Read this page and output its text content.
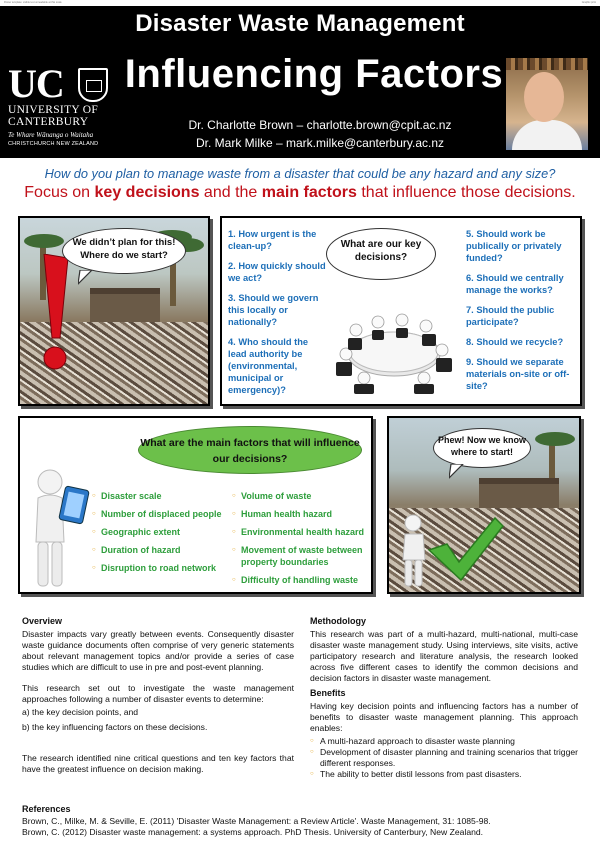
Poster template: visible text unreadable at this scale	Graphic print
Disaster Waste Management
Influencing Factors
UC
UNIVERSITY OF
CANTERBURY
Te Whare Wānanga o Waitaha
CHRISTCHURCH NEW ZEALAND
Dr. Charlotte Brown – charlotte.brown@cpit.ac.nz
Dr. Mark Milke – mark.milke@canterbury.ac.nz
How do you plan to manage waste from a disaster that could be any hazard and any size?
Focus on key decisions and the main factors that influence those decisions.
We didn’t plan for this! Where do we start?
1. How urgent is the clean-up?
2. How quickly should we act?
3. Should we govern this locally or nationally?
4. Who should the lead authority be (environmental, municipal or emergency)?
What are our key decisions?
5. Should work be publically or privately funded?
6. Should we centrally manage the works?
7. Should the public participate?
8. Should we recycle?
9. Should we separate materials on-site or off-site?
What are the main factors that will influence our decisions?
○ Disaster scale
○ Number of displaced people
○ Geographic extent
○ Duration of hazard
○ Disruption to road network
○ Volume of waste
○ Human health hazard
○ Environmental health hazard
○ Movement of waste between property boundaries
○ Difficulty of handling waste
Phew! Now we know where to start!
Overview

Disaster impacts vary greatly between events. Consequently disaster waste guidance documents often comprise of very generic statements about relevant management topics and/or provide a series of case studies which are difficult to use in pre and post-event planning.

This research set out to investigate the waste management approaches following a number of disaster events to determine:

a) the key decision points, and
b) the key influencing factors on these decisions.

The research identified nine critical questions and ten key factors that have the greatest influence on decision making.

Methodology

This research was part of a multi-hazard, multi-national, multi-case disaster waste management study. Using interviews, site visits, active participatory research and literature analysis, the research looked across five different cases to identify the common decisions and decision factors in disaster waste management.

Benefits

Having key decision points and influencing factors has a number of benefits to disaster waste management planning. This approach enables:

○ A multi-hazard approach to disaster waste planning
○ Development of disaster planning and training scenarios that trigger different responses.
○ The ability to better distil lessons from past disasters.
References
Brown, C., Milke, M. & Seville, E. (2011) 'Disaster Waste Management: a Review Article'. Waste Management, 31: 1085-98.
Brown, C. (2012) Disaster waste management: a systems approach. PhD Thesis. University of Canterbury, New Zealand.
